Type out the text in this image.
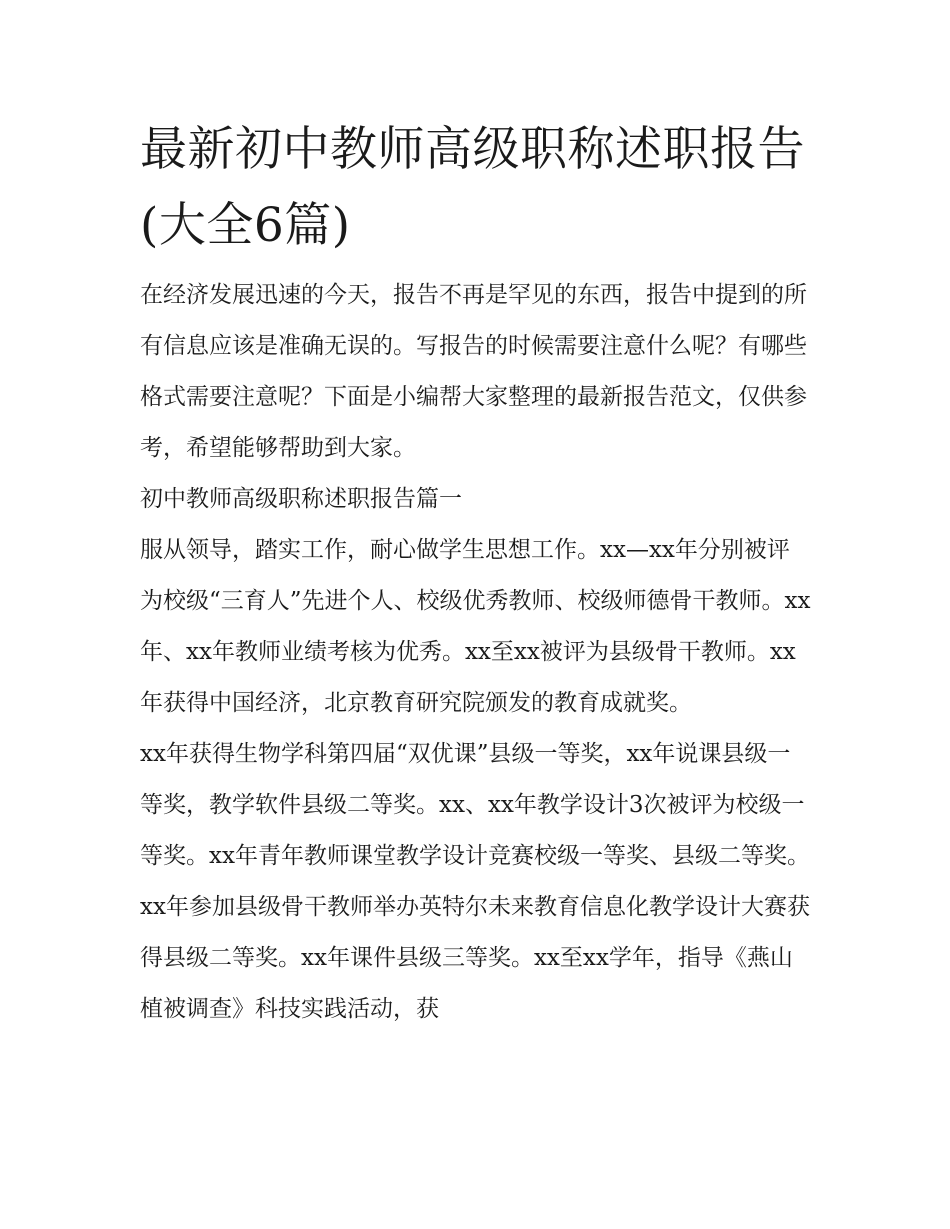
最新初中教师高级职称述职报告(大全6篇)

在经济发展迅速的今天，报告不再是罕见的东西，报告中提到的所有信息应该是准确无误的。写报告的时候需要注意什么呢？有哪些格式需要注意呢？下面是小编帮大家整理的最新报告范文，仅供参考，希望能够帮助到大家。

初中教师高级职称述职报告篇一

服从领导，踏实工作，耐心做学生思想工作。xx—xx年分别被评为校级“三育人”先进个人、校级优秀教师、校级师德骨干教师。xx年、xx年教师业绩考核为优秀。xx至xx被评为县级骨干教师。xx年获得中国经济，北京教育研究院颁发的教育成就奖。

xx年获得生物学科第四届“双优课”县级一等奖，xx年说课县级一等奖，教学软件县级二等奖。xx、xx年教学设计3次被评为校级一等奖。xx年青年教师课堂教学设计竞赛校级一等奖、县级二等奖。xx年参加县级骨干教师举办英特尔未来教育信息化教学设计大赛获得县级二等奖。xx年课件县级三等奖。xx至xx学年，指导《燕山植被调查》科技实践活动，获
